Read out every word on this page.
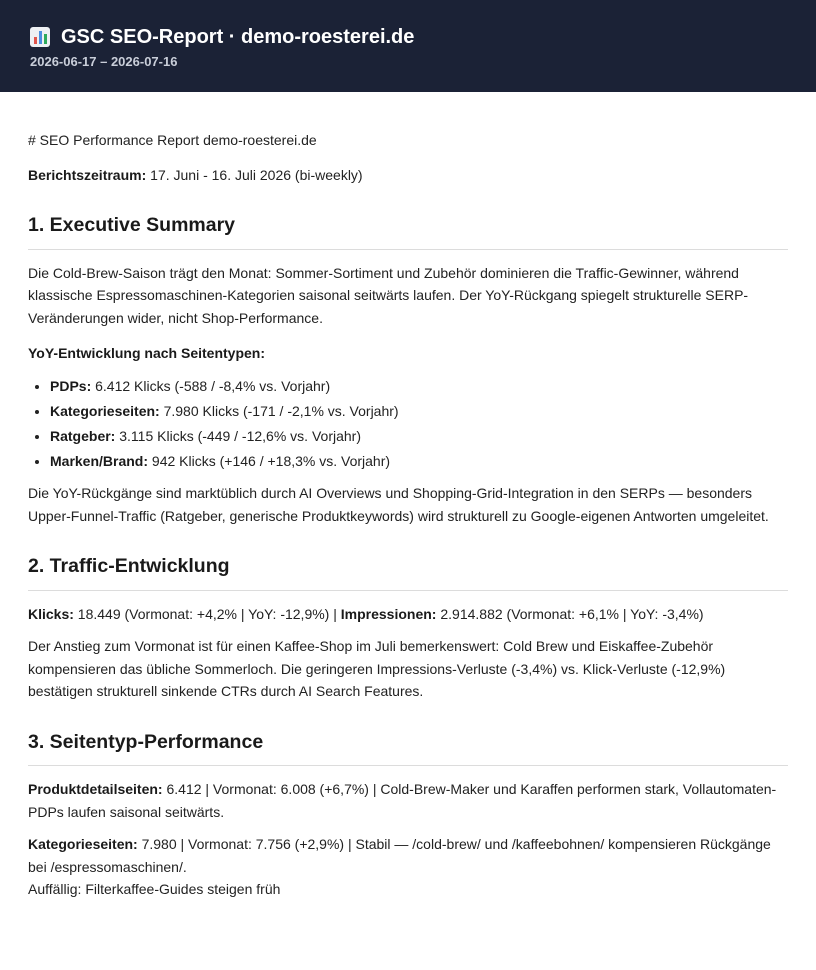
GSC SEO-Report · demo-roesterei.de
2026-06-17 – 2026-07-16

# SEO Performance Report demo-roesterei.de

Berichtszeitraum: 17. Juni - 16. Juli 2026 (bi-weekly)

1. Executive Summary

Die Cold-Brew-Saison trägt den Monat: Sommer-Sortiment und Zubehör dominieren die Traffic-Gewinner, während klassische Espressomaschinen-Kategorien saisonal seitwärts laufen. Der YoY-Rückgang spiegelt strukturelle SERP-Veränderungen wider, nicht Shop-Performance.

YoY-Entwicklung nach Seitentypen:

• PDPs: 6.412 Klicks (-588 / -8,4% vs. Vorjahr)
• Kategorieseiten: 7.980 Klicks (-171 / -2,1% vs. Vorjahr)
• Ratgeber: 3.115 Klicks (-449 / -12,6% vs. Vorjahr)
• Marken/Brand: 942 Klicks (+146 / +18,3% vs. Vorjahr)

Die YoY-Rückgänge sind marktüblich durch AI Overviews und Shopping-Grid-Integration in den SERPs — besonders Upper-Funnel-Traffic (Ratgeber, generische Produktkeywords) wird strukturell zu Google-eigenen Antworten umgeleitet.

2. Traffic-Entwicklung

Klicks: 18.449 (Vormonat: +4,2% | YoY: -12,9%) | Impressionen: 2.914.882 (Vormonat: +6,1% | YoY: -3,4%)

Der Anstieg zum Vormonat ist für einen Kaffee-Shop im Juli bemerkenswert: Cold Brew und Eiskaffee-Zubehör kompensieren das übliche Sommerloch. Die geringeren Impressions-Verluste (-3,4%) vs. Klick-Verluste (-12,9%) bestätigen strukturell sinkende CTRs durch AI Search Features.

3. Seitentyp-Performance

Produktdetailseiten: 6.412 | Vormonat: 6.008 (+6,7%) | Cold-Brew-Maker und Karaffen performen stark, Vollautomaten-PDPs laufen saisonal seitwärts.

Kategorieseiten: 7.980 | Vormonat: 7.756 (+2,9%) | Stabil — /cold-brew/ und /kaffeebohnen/ kompensieren Rückgänge bei /espressomaschinen/.
Auffällig: Filterkaffee-Guides steigen früh
